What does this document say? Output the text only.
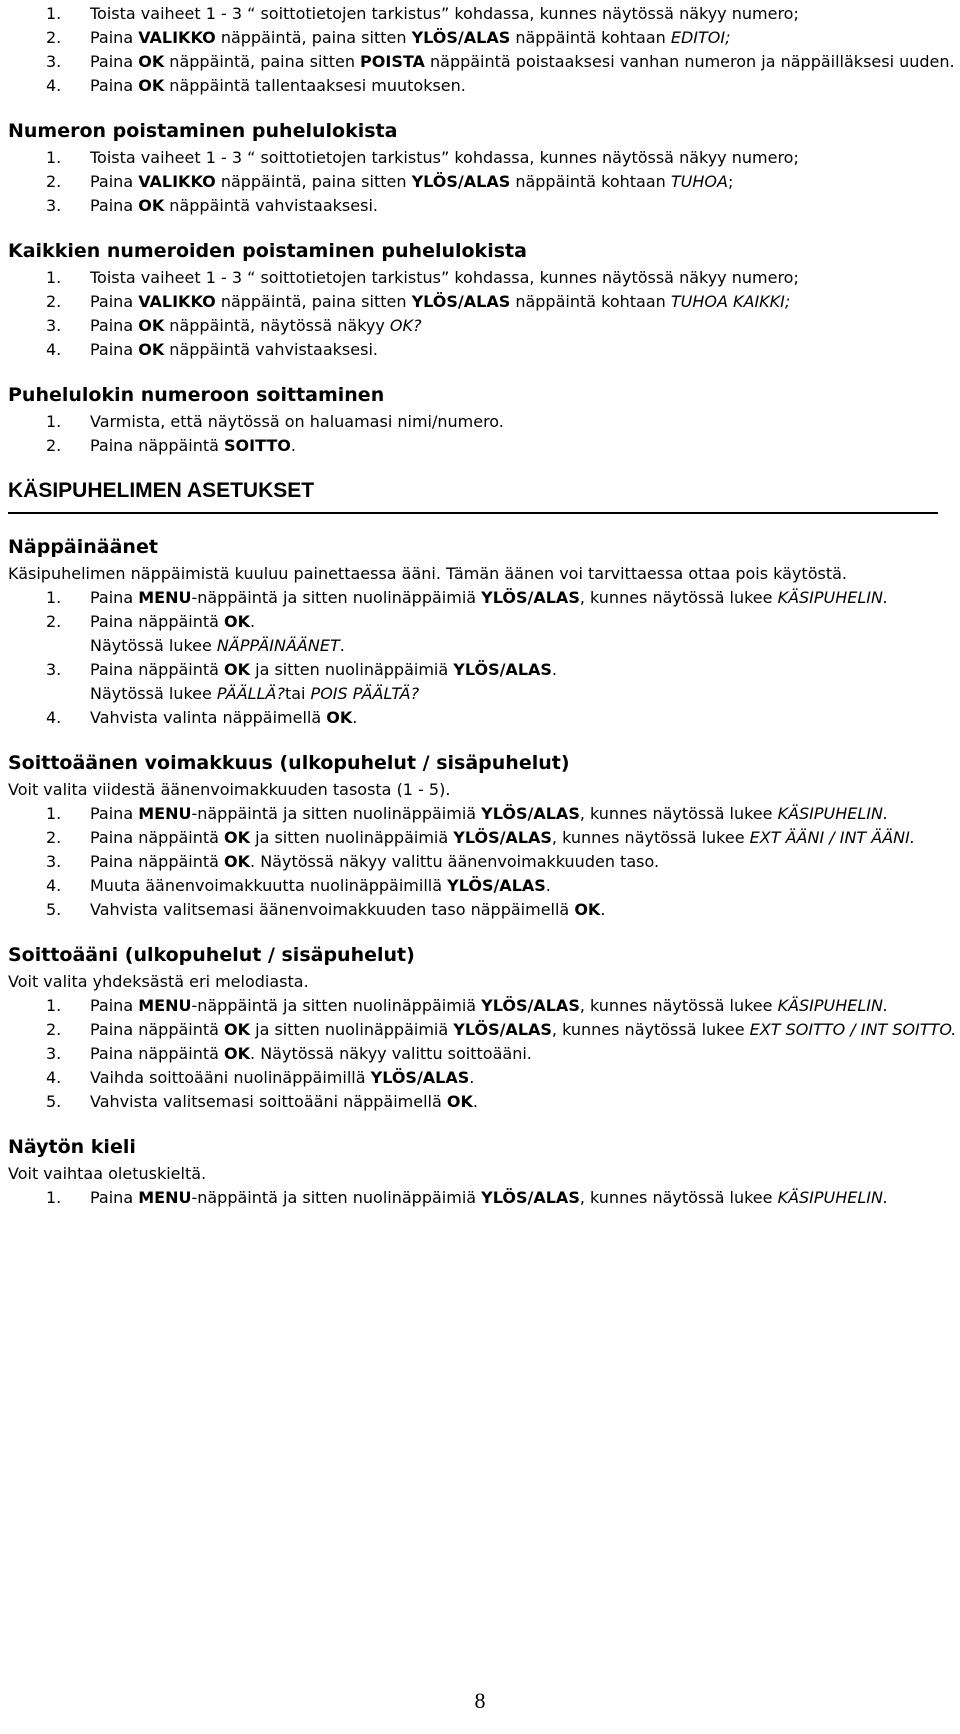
1. Toista vaiheet 1 - 3 “ soittotietojen tarkistus” kohdassa, kunnes näytössä näkyy numero;
2. Paina VALIKKO näppäintä, paina sitten YLÖS/ALAS näppäintä kohtaan EDITOI;
3. Paina OK näppäintä, paina sitten POISTA näppäintä poistaaksesi vanhan numeron ja näppäilläksesi uuden.
4. Paina OK näppäintä tallentaaksesi muutoksen.
Numeron poistaminen puhelulokista
1. Toista vaiheet 1 - 3 “ soittotietojen tarkistus” kohdassa, kunnes näytössä näkyy numero;
2. Paina VALIKKO näppäintä, paina sitten YLÖS/ALAS näppäintä kohtaan TUHOA;
3. Paina OK näppäintä vahvistaaksesi.
Kaikkien numeroiden poistaminen puhelulokista
1. Toista vaiheet 1 - 3 “ soittotietojen tarkistus” kohdassa, kunnes näytössä näkyy numero;
2. Paina VALIKKO näppäintä, paina sitten YLÖS/ALAS näppäintä kohtaan TUHOA KAIKKI;
3. Paina OK näppäintä, näytössä näkyy OK?
4. Paina OK näppäintä vahvistaaksesi.
Puhelulokin numeroon soittaminen
1. Varmista, että näytössä on haluamasi nimi/numero.
2. Paina näppäintä SOITTO.
KÄSIPUHELIMEN ASETUKSET
Näppäinäänet

Käsipuhelimen näppäimistä kuuluu painettaessa ääni. Tämän äänen voi tarvittaessa ottaa pois käytöstä.

1. Paina MENU-näppäintä ja sitten nuolinäppäimiä YLÖS/ALAS, kunnes näytössä lukee KÄSIPUHELIN.
2. Paina näppäintä OK.
Näytössä lukee NÄPPÄINÄÄNET.
3. Paina näppäintä OK ja sitten nuolinäppäimiä YLÖS/ALAS.
Näytössä lukee PÄÄLLÄ?tai POIS PÄÄLTÄ?
4. Vahvista valinta näppäimellä OK.
Soittoäänen voimakkuus (ulkopuhelut / sisäpuhelut)

Voit valita viidestä äänenvoimakkuuden tasosta (1 - 5).

1. Paina MENU-näppäintä ja sitten nuolinäppäimiä YLÖS/ALAS, kunnes näytössä lukee KÄSIPUHELIN.
2. Paina näppäintä OK ja sitten nuolinäppäimiä YLÖS/ALAS, kunnes näytössä lukee EXT ÄÄNI / INT ÄÄNI.
3. Paina näppäintä OK. Näytössä näkyy valittu äänenvoimakkuuden taso.
4. Muuta äänenvoimakkuutta nuolinäppäimillä YLÖS/ALAS.
5. Vahvista valitsemasi äänenvoimakkuuden taso näppäimellä OK.
Soittoääni (ulkopuhelut / sisäpuhelut)

Voit valita yhdeksästä eri melodiasta.

1. Paina MENU-näppäintä ja sitten nuolinäppäimiä YLÖS/ALAS, kunnes näytössä lukee KÄSIPUHELIN.
2. Paina näppäintä OK ja sitten nuolinäppäimiä YLÖS/ALAS, kunnes näytössä lukee EXT SOITTO / INT SOITTO.
3. Paina näppäintä OK. Näytössä näkyy valittu soittoääni.
4. Vaihda soittoääni nuolinäppäimillä YLÖS/ALAS.
5. Vahvista valitsemasi soittoääni näppäimellä OK.
Näytön kieli

Voit vaihtaa oletuskieltä.

1. Paina MENU-näppäintä ja sitten nuolinäppäimiä YLÖS/ALAS, kunnes näytössä lukee KÄSIPUHELIN.
8
